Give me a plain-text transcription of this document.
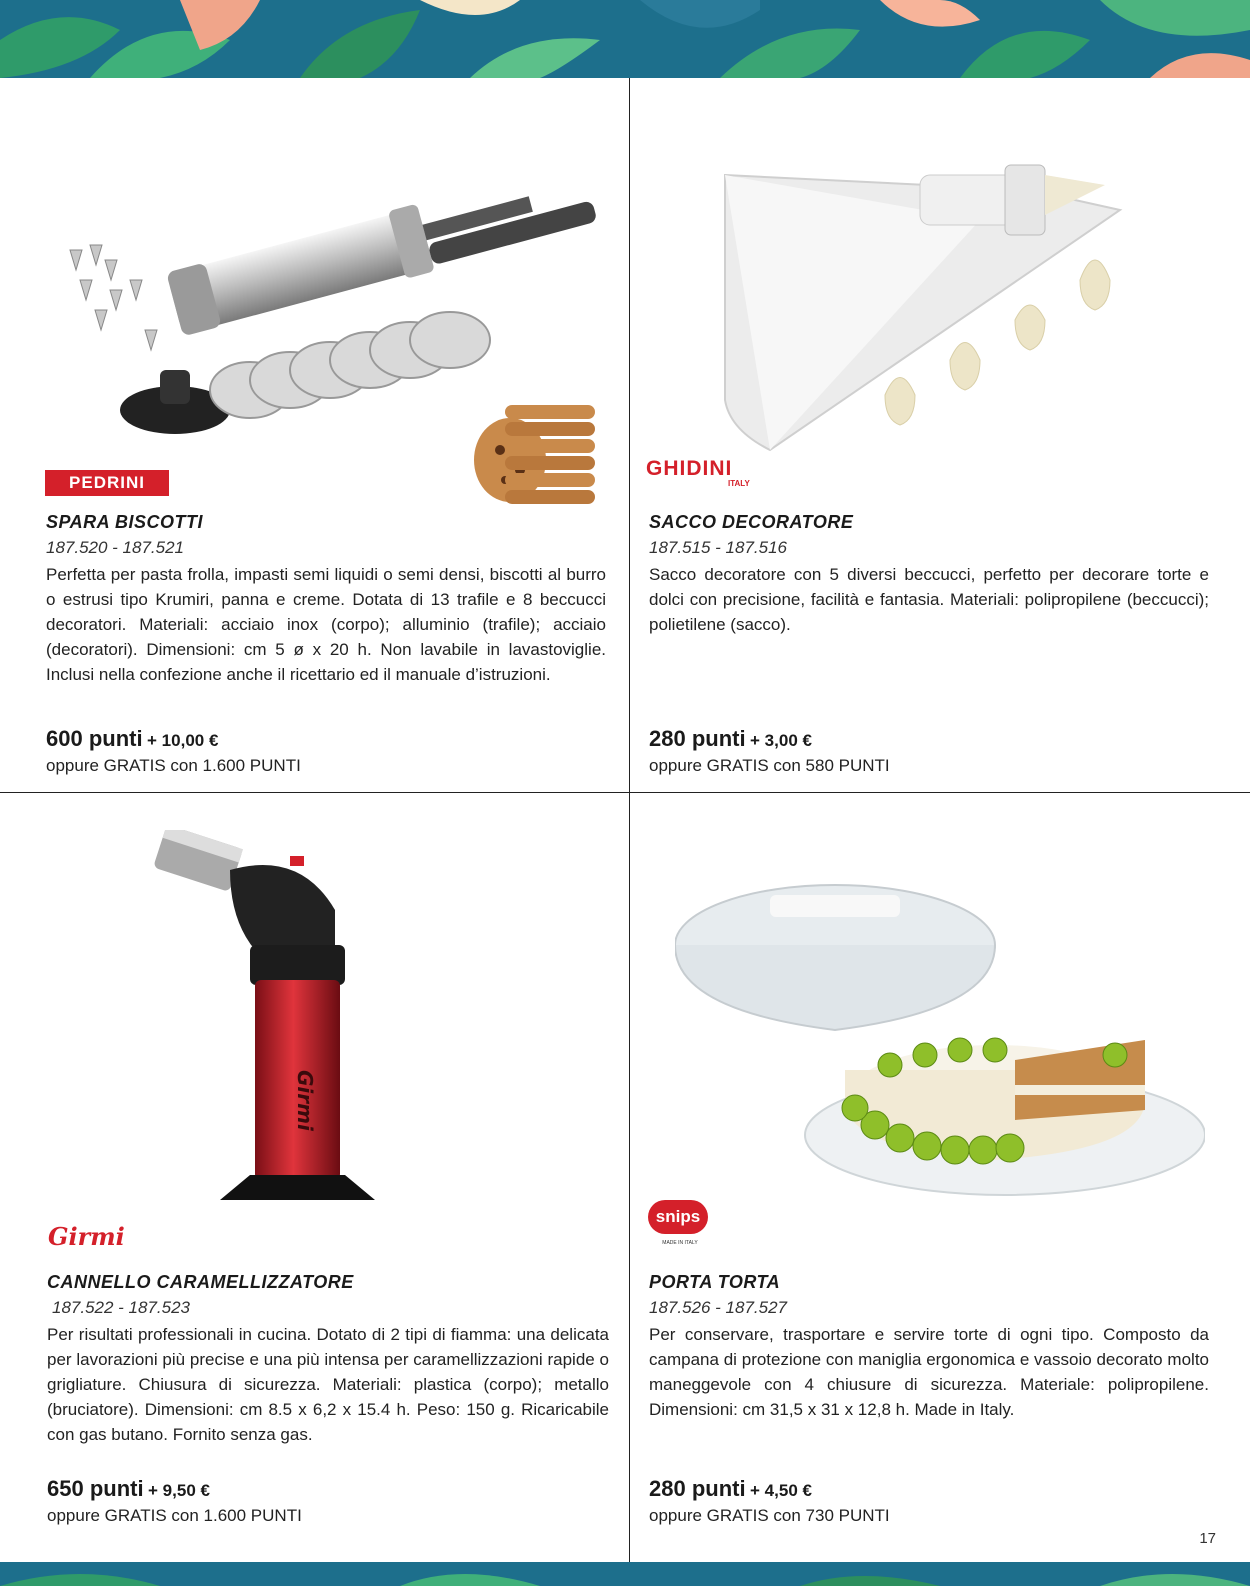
PEDRINI
SPARA BISCOTTI
187.520 - 187.521

Perfetta per pasta frolla, impasti semi liquidi o semi densi, biscotti al burro o estrusi tipo Krumiri, panna e creme. Dotata di 13 trafile e 8 beccucci decoratori. Materiali: acciaio inox (corpo); alluminio (trafile); acciaio (decoratori). Dimensioni: cm 5 ø x 20 h. Non lavabile in lavastoviglie. Inclusi nella confezione anche il ricettario ed il manuale d’istruzioni.

600 punti + 10,00 €
oppure GRATIS con 1.600 PUNTI
GHIDINI
ITALY
SACCO DECORATORE
187.515 - 187.516

Sacco decoratore con 5 diversi beccucci, perfetto per decorare torte e dolci con precisione, facilità e fantasia. Materiali: polipropilene (beccucci); polietilene (sacco).

280 punti + 3,00 €
oppure GRATIS con 580 PUNTI
Girmi
Girmi
CANNELLO CARAMELLIZZATORE
187.522 - 187.523

Per risultati professionali in cucina. Dotato di 2 tipi di fiamma: una delicata per lavorazioni più precise e una più intensa per caramellizzazioni rapide o grigliature. Chiusura di sicurezza. Materiali: plastica (corpo); metallo (bruciatore). Dimensioni: cm 8.5 x 6,2 x 15.4 h. Peso: 150 g. Ricaricabile con gas butano. Fornito senza gas.

650 punti + 9,50 €
oppure GRATIS con 1.600 PUNTI
snips
MADE IN ITALY
PORTA TORTA
187.526 - 187.527

Per conservare, trasportare e servire torte di ogni tipo. Composto da campana di protezione con maniglia ergonomica e vassoio decorato molto maneggevole con 4 chiusure di sicurezza. Materiale: polipropilene. Dimensioni: cm 31,5 x 31 x 12,8 h. Made in Italy.

280 punti + 4,50 €
oppure GRATIS con 730 PUNTI
17
